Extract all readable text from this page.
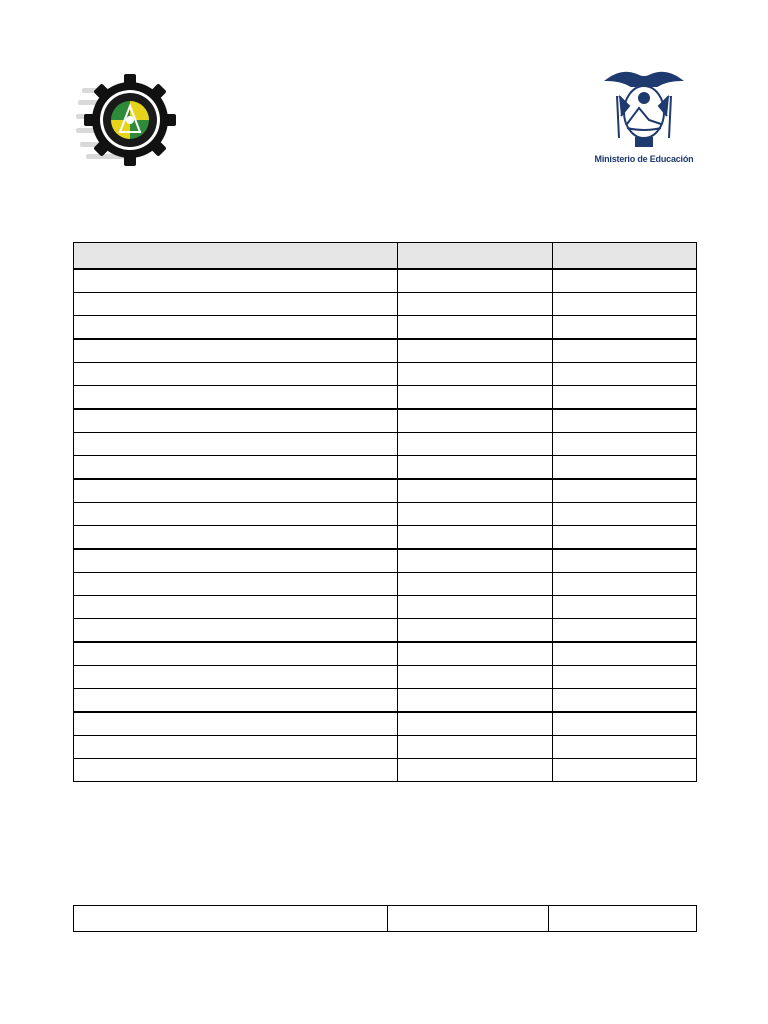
Ministerio de Educación
